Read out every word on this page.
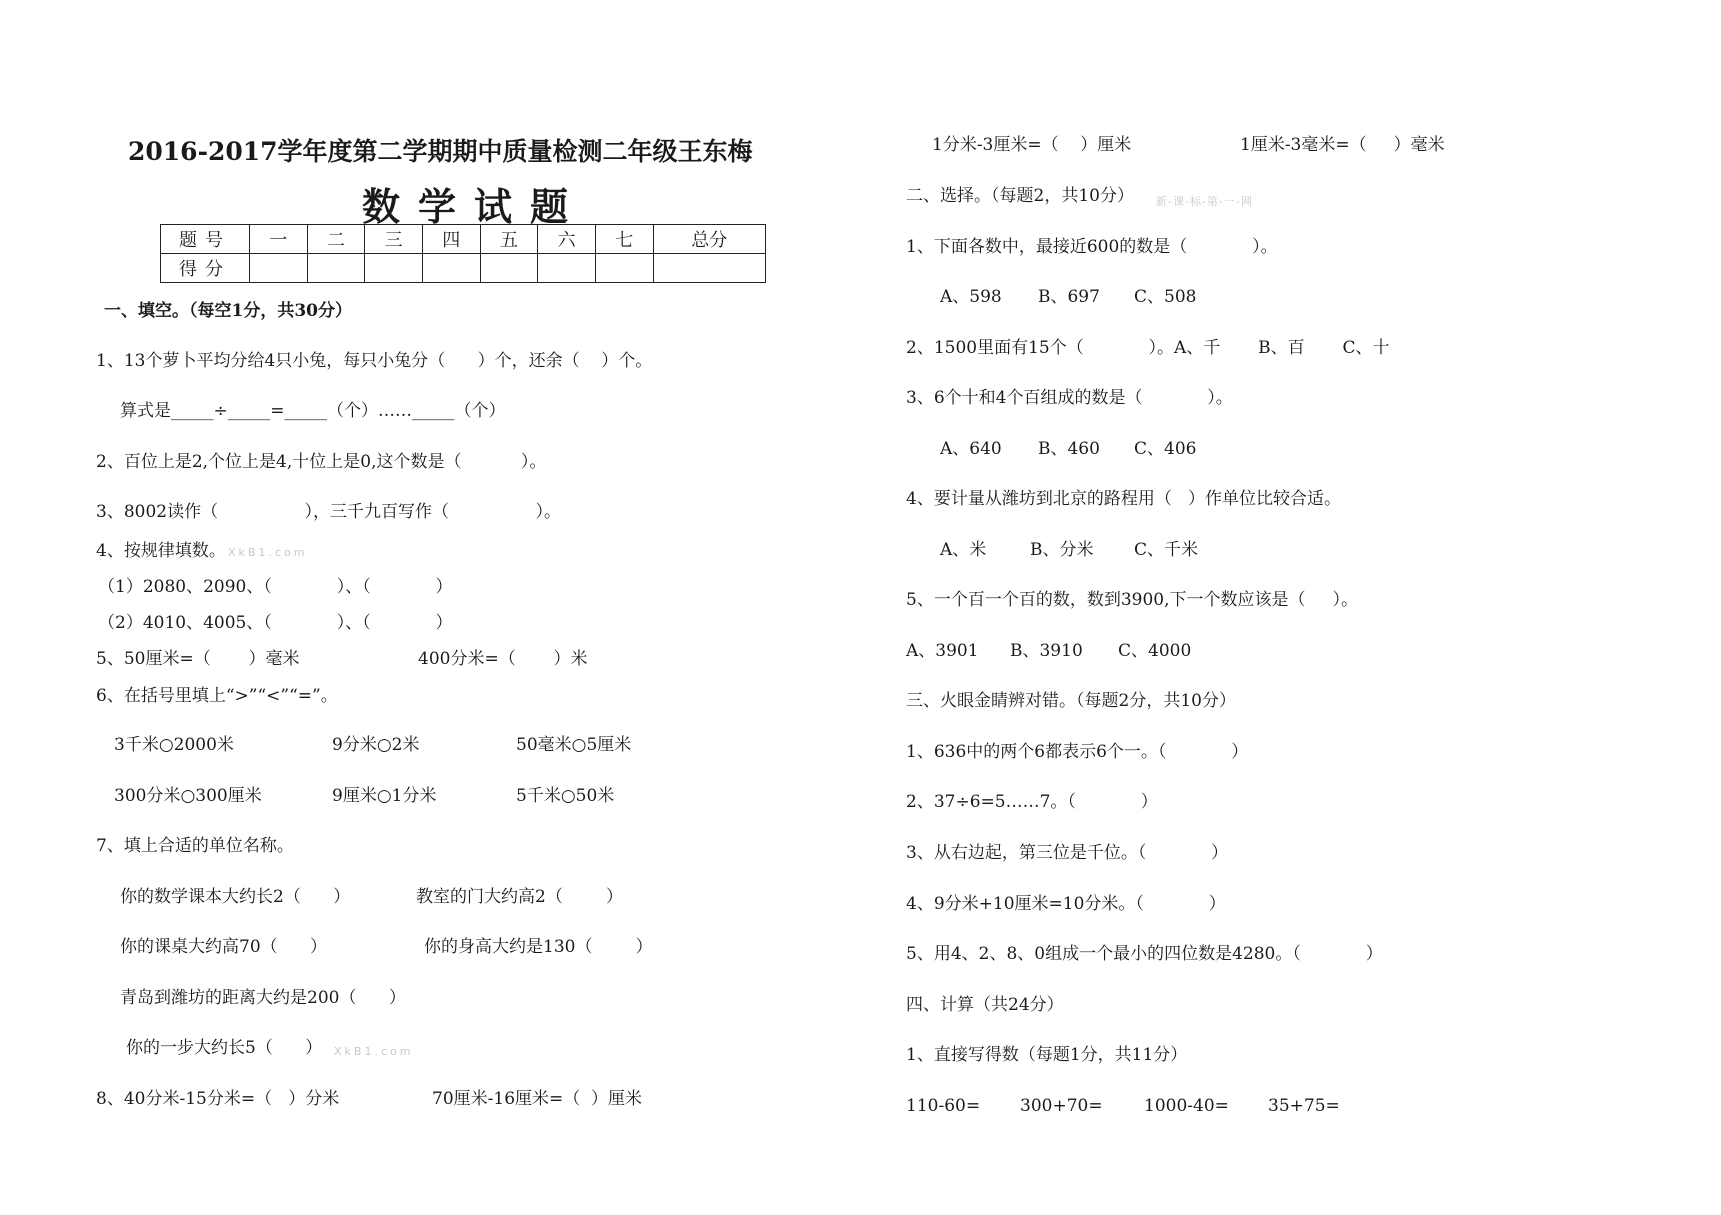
2016-2017学年度第二学期期中质量检测二年级王东梅
数学试题
题号	一	二	三	四	五	六	七	总分
得分								
一、填空。（每空1分，共30分）
1、13个萝卜平均分给4只小兔，每只小兔分（      ）个，还余（    ）个。
算式是_____÷_____=_____（个）……_____（个）
2、百位上是2,个位上是4,十位上是0,这个数是（           ）。
3、8002读作（                ），三千九百写作（                ）。
4、按规律填数。 XkB1.com
（1）2080、2090、（            ）、（            ）
（2）4010、4005、（            ）、（            ）
5、50厘米=（       ）毫米	400分米=（       ）米
6、在括号里填上“>”“<”“=”。
3千米○2000米	9分米○2米	50毫米○5厘米
300分米○300厘米	9厘米○1分米	5千米○50米
7、填上合适的单位名称。
你的数学课本大约长2（      ）	教室的门大约高2（        ）
你的课桌大约高70（      ）	你的身高大约是130（        ）
青岛到潍坊的距离大约是200（      ）
你的一步大约长5（      ） XkB1.com
8、40分米-15分米=（   ）分米	70厘米-16厘米=（  ）厘米
1分米-3厘米=（    ）厘米	1厘米-3毫米=（     ）毫米
二、选择。（每题2，共10分） 新-课-标-第-一-网
1、下面各数中，最接近600的数是（            ）。
A、598 B、697 C、508
2、1500里面有15个（            ）。A、千       B、百       C、十
3、6个十和4个百组成的数是（            ）。
A、640 B、460 C、406
4、要计量从潍坊到北京的路程用（   ）作单位比较合适。
A、米	B、分米 C、千米
5、一个百一个百的数，数到3900,下一个数应该是（     ）。
A、3901 B、3910 C、4000
三、火眼金睛辨对错。（每题2分，共10分）
1、636中的两个6都表示6个一。（            ）
2、37÷6=5……7。（            ）
3、从右边起，第三位是千位。（            ）
4、9分米+10厘米=10分米。（            ）
5、用4、2、8、0组成一个最小的四位数是4280。（            ）
四、计算（共24分）
1、直接写得数（每题1分，共11分）
110-60= 300+70= 1000-40= 35+75=
